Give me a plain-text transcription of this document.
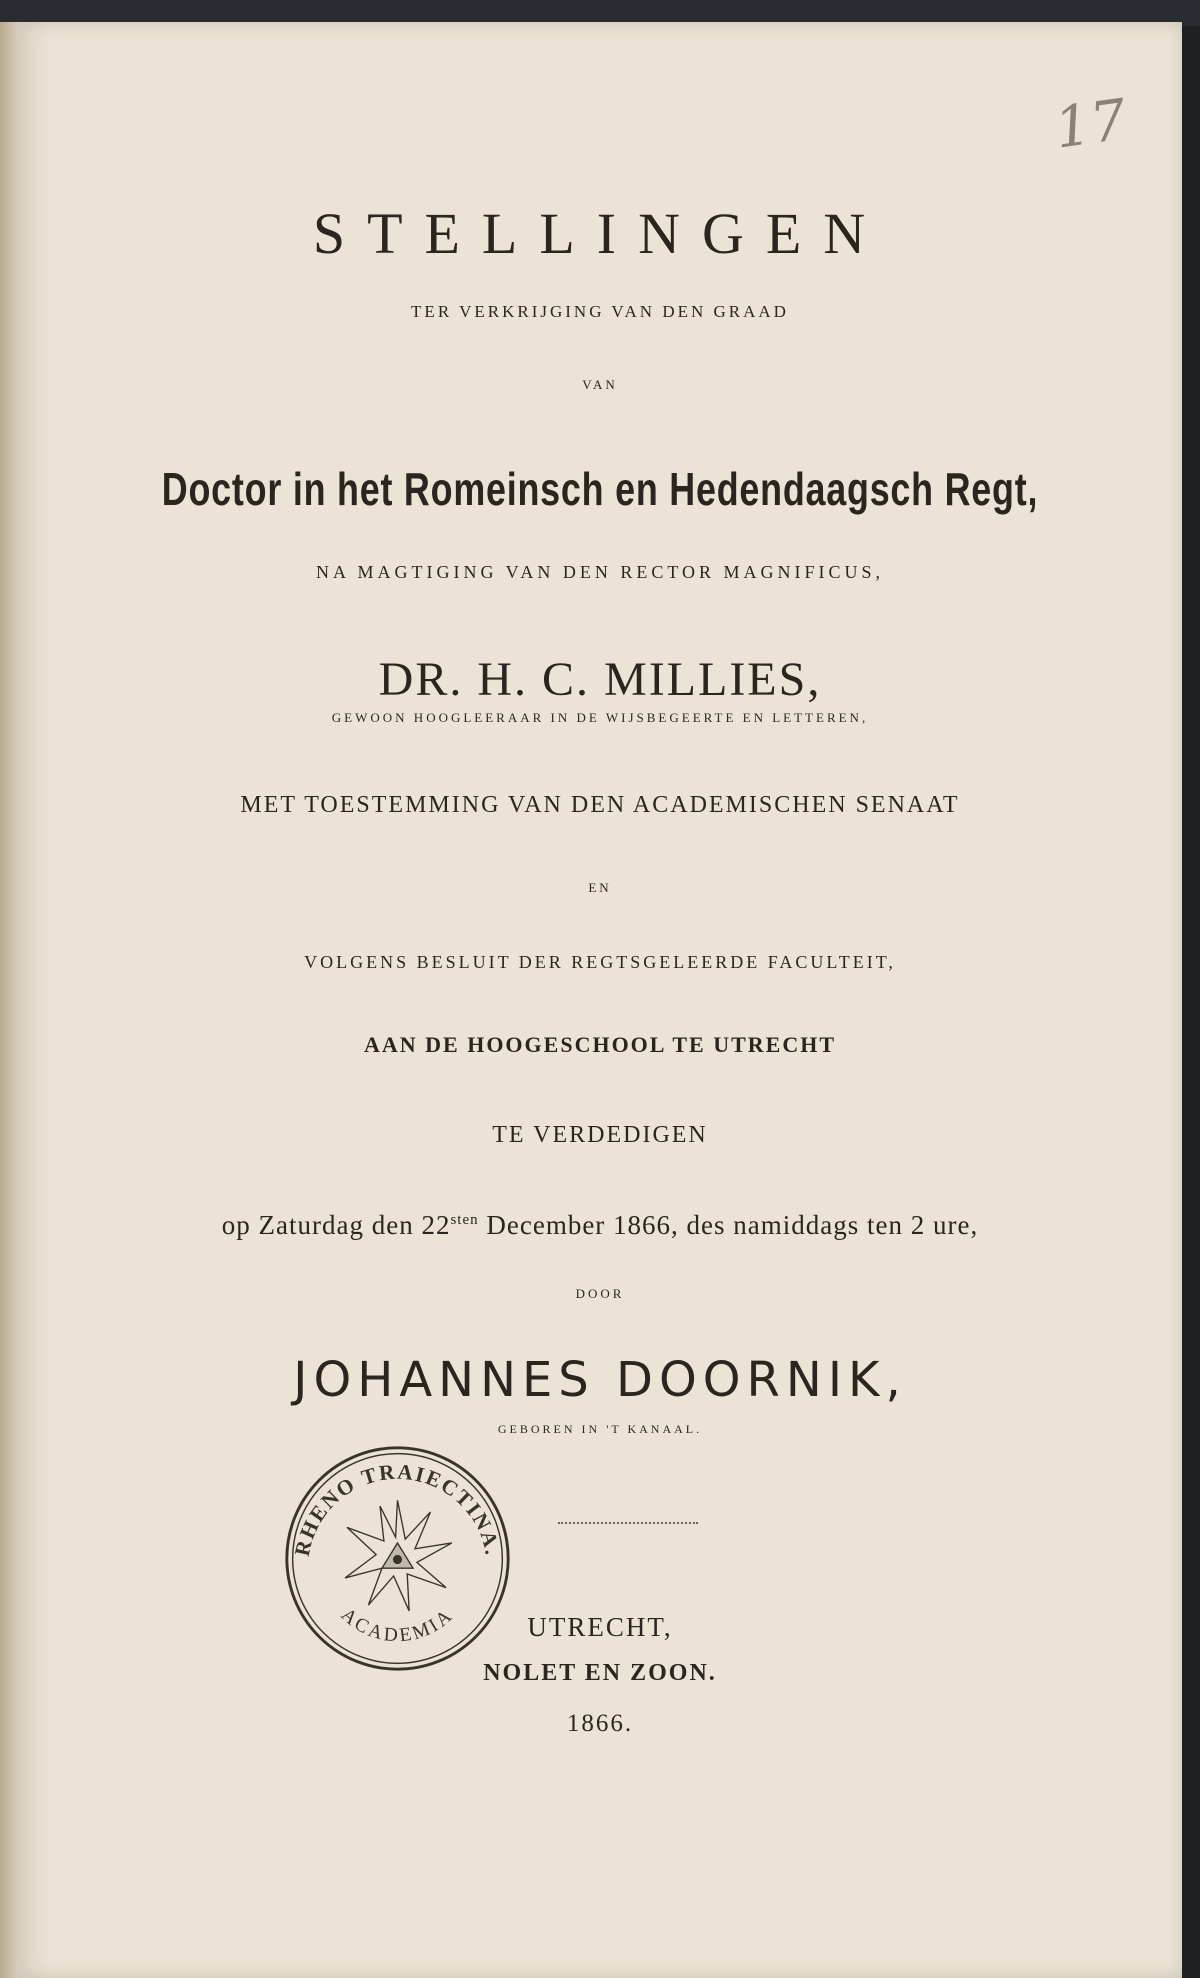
17

STELLINGEN

TER VERKRIJGING VAN DEN GRAAD

VAN

Doctor in het Romeinsch en Hedendaagsch Regt,

NA MAGTIGING VAN DEN RECTOR MAGNIFICUS,

DR. H. C. MILLIES,

GEWOON HOOGLEERAAR IN DE WIJSBEGEERTE EN LETTEREN,

MET TOESTEMMING VAN DEN ACADEMISCHEN SENAAT

EN

VOLGENS BESLUIT DER REGTSGELEERDE FACULTEIT,

AAN DE HOOGESCHOOL TE UTRECHT

TE VERDEDIGEN

op Zaturdag den $22^{sten}$ December 1866, des namiddags ten 2 ure,

DOOR

JOHANNES DOORNIK,

GEBOREN IN 'T KANAAL.

RHENO TRAIECTINA.
ACADEMIA	UTRECHT,

NOLET EN ZOON.

1866.
